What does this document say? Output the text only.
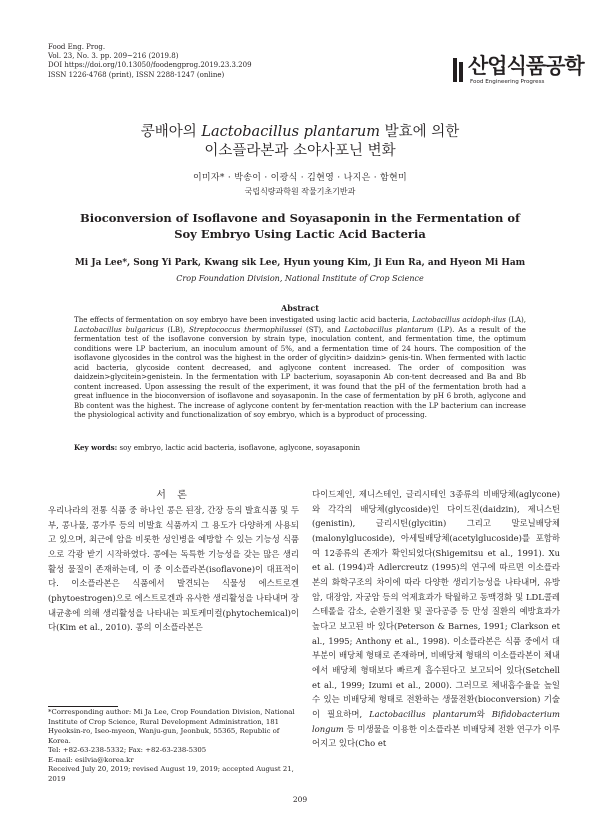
Food Eng. Prog.
Vol. 23, No. 3. pp. 209~216 (2019.8)
DOI https://doi.org/10.13050/foodengprog.2019.23.3.209
ISSN 1226-4768 (print), ISSN 2288-1247 (online)	산업식품공학
Food Engineering Progress
콩배아의 Lactobacillus plantarum 발효에 의한
이소플라본과 소야사포닌 변화
이미자* · 박송이 · 이광식 · 김현영 · 나지은 · 함현미
국립식량과학원 작물기초기반과
Bioconversion of Isoflavone and Soyasaponin in the Fermentation of
Soy Embryo Using Lactic Acid Bacteria
Mi Ja Lee*, Song Yi Park, Kwang sik Lee, Hyun young Kim, Ji Eun Ra, and Hyeon Mi Ham
Crop Foundation Division, National Institute of Crop Science
Abstract
The effects of fermentation on soy embryo have been investigated using lactic acid bacteria, Lactobacillus acidoph-ilus (LA), Lactobacillus bulgaricus (LB), Streptococcus thermophilussei (ST), and Lactobacillus plantarum (LP). As a result of the fermentation test of the isoflavone conversion by strain type, inoculation content, and fermentation time, the optimum conditions were LP bacterium, an inoculum amount of 5%, and a fermentation time of 24 hours. The composition of the isoflavone glycosides in the control was the highest in the order of glycitin> daidzin> genis-tin. When fermented with lactic acid bacteria, glycoside content decreased, and aglycone content increased. The order of composition was daidzein>glycitein>genistein. In the fermentation with LP bacterium, soyasaponin Ab con-tent decreased and Ba and Bb content increased. Upon assessing the result of the experiment, it was found that the pH of the fermentation broth had a great influence in the bioconversion of isoflavone and soyasaponin. In the case of fermentation by pH 6 broth, aglycone and Bb content was the highest. The increase of aglycone content by fer-mentation reaction with the LP bacterium can increase the physiological activity and functionalization of soy embryo, which is a byproduct of processing.
Key words: soy embryo, lactic acid bacteria, isoflavone, aglycone, soyasaponin
서 론
우리나라의 전통 식품 중 하나인 콩은 된장, 간장 등의 발효식품 및 두부, 콩나물, 콩가루 등의 비발효 식품까지 그 용도가 다양하게 사용되고 있으며, 최근에 암을 비롯한 성인병을 예방할 수 있는 기능성 식품으로 각광 받기 시작하였다. 콩에는 독특한 기능성을 갖는 많은 생리활성 물질이 존재하는데, 이 중 이소플라본(isoflavone)이 대표적이다. 이소플라본은 식품에서 발견되는 식물성 에스트로겐(phytoestrogen)으로 에스트로겐과 유사한 생리활성을 나타내며 장내균총에 의해 생리활성을 나타내는 피토케미컬(phytochemical)이다(Kim et al., 2010). 콩의 이소플라본은
다이드제인, 제니스테인, 글리시테인 3종류의 비배당체(aglycone)와 각각의 배당체(glycoside)인 다이드진(daidzin), 제니스틴(genistin), 글리시틴(glycitin) 그리고 말로닐배당체(malonylglucoside), 아세틸배당체(acetylglucoside)를 포함하여 12종류의 존재가 확인되었다(Shigemitsu et al., 1991). Xu et al. (1994)과 Adlercreutz (1995)의 연구에 따르면 이소플라본의 화학구조의 차이에 따라 다양한 생리기능성을 나타내며, 유방암, 대장암, 자궁암 등의 억제효과가 탁월하고 동맥경화 및 LDL콜레스테롤을 감소, 순환기질환 및 골다공증 등 만성 질환의 예방효과가 높다고 보고된 바 있다(Peterson & Barnes, 1991; Clarkson et al., 1995; Anthony et al., 1998). 이소플라본은 식품 중에서 대부분이 배당체 형태로 존재하며, 비배당체 형태의 이소플라본이 체내에서 배당체 형태보다 빠르게 흡수된다고 보고되어 있다(Setchell et al., 1999; Izumi et al., 2000). 그러므로 체내흡수율을 높일 수 있는 비배당체 형태로 전환하는 생물전환(bioconversion) 기술이 필요하며, Lactobacillus plantarum와 Bifidobacterium longum 등 미생물을 이용한 이소플라본 비배당체 전환 연구가 이루어지고 있다(Cho et
*Corresponding author: Mi Ja Lee, Crop Foundation Division, National Institute of Crop Science, Rural Development Administration, 181 Hyeoksin-ro, Iseo-myeon, Wanju-gun, Jeonbuk, 55365, Republic of Korea.
Tel: +82-63-238-5332; Fax: +82-63-238-5305
E-mail: esilvia@korea.kr
Received July 20, 2019; revised August 19, 2019; accepted August 21, 2019
209
